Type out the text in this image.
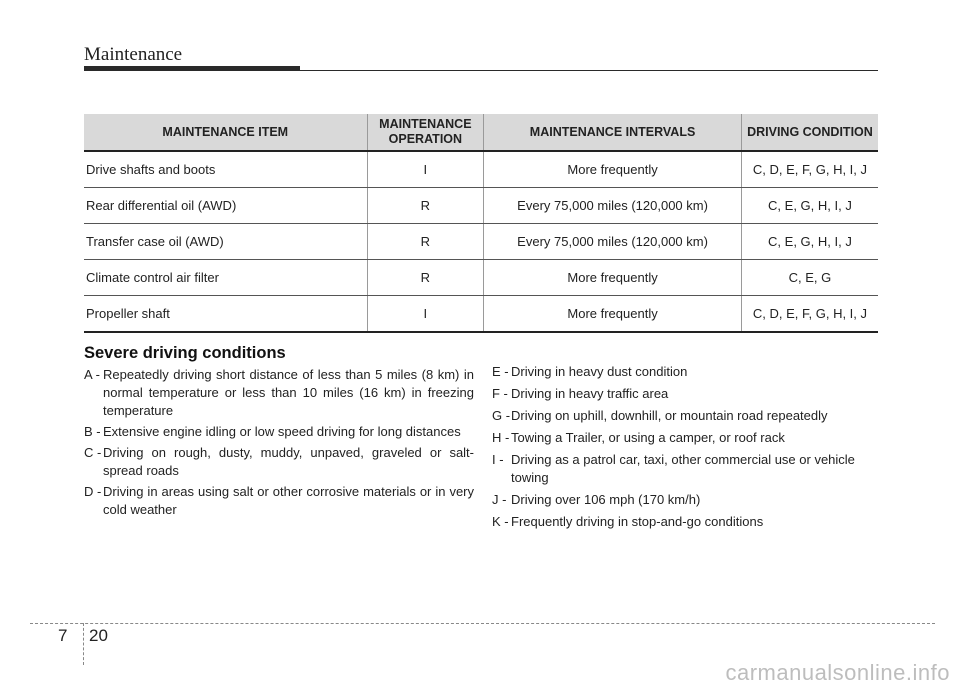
Maintenance
MAINTENANCE ITEM	MAINTENANCE OPERATION	MAINTENANCE INTERVALS	DRIVING CONDITION
Drive shafts and boots	I	More frequently	C, D, E, F, G, H, I, J
Rear differential oil (AWD)	R	Every 75,000 miles (120,000 km)	C, E, G, H, I, J
Transfer case oil (AWD)	R	Every 75,000 miles (120,000 km)	C, E, G, H, I, J
Climate control air filter	R	More frequently	C, E, G
Propeller shaft	I	More frequently	C, D, E, F, G, H, I, J
Severe driving conditions
A - Repeatedly driving short distance of less than 5 miles (8 km) in normal temperature or less than 10 miles (16 km) in freezing temperature
B - Extensive engine idling or low speed driving for long distances
C - Driving on rough, dusty, muddy, unpaved, graveled or salt-spread roads
D - Driving in areas using salt or other corrosive materials or in very cold weather
E - Driving in heavy dust condition
F - Driving in heavy traffic area
G - Driving on uphill, downhill, or mountain road repeatedly
H - Towing a Trailer, or using a camper, or roof rack
I - Driving as a patrol car, taxi, other commercial use or vehicle towing
J - Driving over 106 mph (170 km/h)
K - Frequently driving in stop-and-go conditions
7 20
carmanualsonline.info
